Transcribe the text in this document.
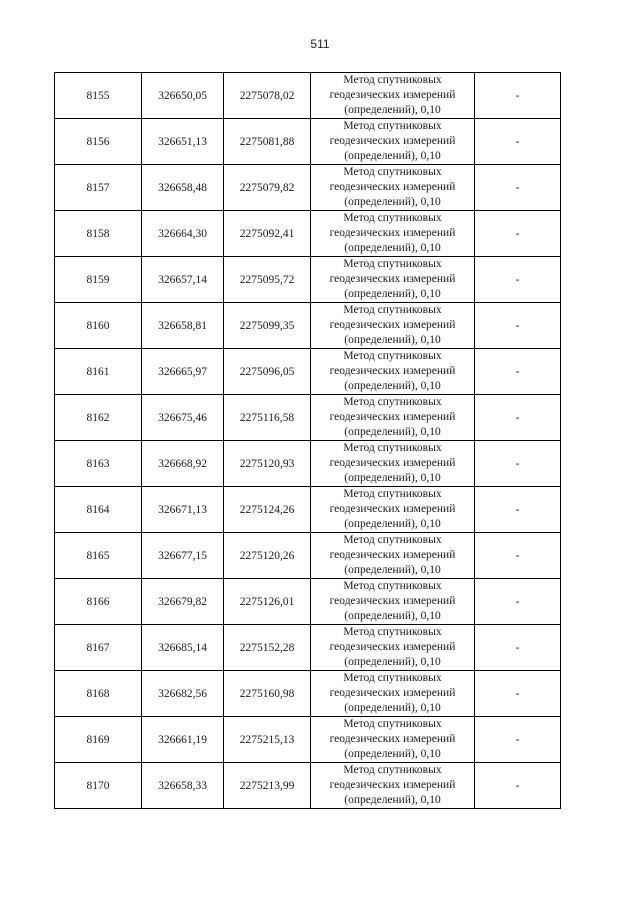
511
8155	326650,05	2275078,02	Метод спутниковых
геодезических измерений
(определений), 0,10	-
8156	326651,13	2275081,88	Метод спутниковых
геодезических измерений
(определений), 0,10	-
8157	326658,48	2275079,82	Метод спутниковых
геодезических измерений
(определений), 0,10	-
8158	326664,30	2275092,41	Метод спутниковых
геодезических измерений
(определений), 0,10	-
8159	326657,14	2275095,72	Метод спутниковых
геодезических измерений
(определений), 0,10	-
8160	326658,81	2275099,35	Метод спутниковых
геодезических измерений
(определений), 0,10	-
8161	326665,97	2275096,05	Метод спутниковых
геодезических измерений
(определений), 0,10	-
8162	326675,46	2275116,58	Метод спутниковых
геодезических измерений
(определений), 0,10	-
8163	326668,92	2275120,93	Метод спутниковых
геодезических измерений
(определений), 0,10	-
8164	326671,13	2275124,26	Метод спутниковых
геодезических измерений
(определений), 0,10	-
8165	326677,15	2275120,26	Метод спутниковых
геодезических измерений
(определений), 0,10	-
8166	326679,82	2275126,01	Метод спутниковых
геодезических измерений
(определений), 0,10	-
8167	326685,14	2275152,28	Метод спутниковых
геодезических измерений
(определений), 0,10	-
8168	326682,56	2275160,98	Метод спутниковых
геодезических измерений
(определений), 0,10	-
8169	326661,19	2275215,13	Метод спутниковых
геодезических измерений
(определений), 0,10	-
8170	326658,33	2275213,99	Метод спутниковых
геодезических измерений
(определений), 0,10	-
